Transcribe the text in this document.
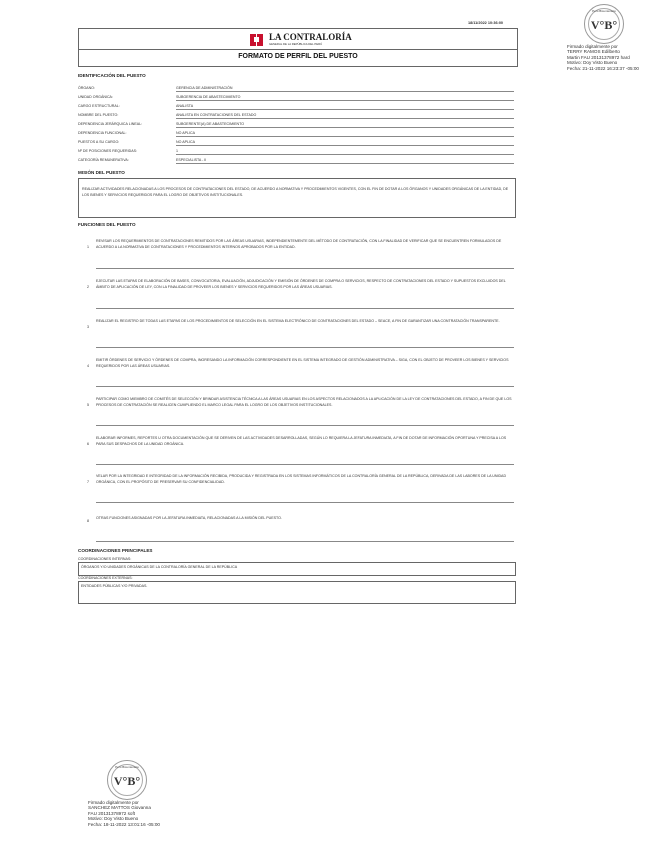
18/11/2022 10:36:00
LA CONTRALORÍA
GENERAL DE LA REPÚBLICA DEL PERÚ
FORMATO DE PERFIL DEL PUESTO
IDENTIFICACIÓN DEL PUESTO
ÓRGANO:	GERENCIA DE ADMINISTRACIÓN
UNIDAD ORGÁNICA:	SUBGERENCIA DE ABASTECIMIENTO
CARGO ESTRUCTURAL:	ANALISTA
NOMBRE DEL PUESTO:	ANALISTA EN CONTRATACIONES DEL ESTADO
DEPENDENCIA JERÁRQUICA LINEAL:	SUBGERENTE(A) DE ABASTECIMIENTO
DEPENDENCIA FUNCIONAL:	NO APLICA
PUESTOS A SU CARGO:	NO APLICA
Nº DE POSICIONES REQUERIDAS:	1
CATEGORÍA REMUNERATIVA:	ESPECIALISTA - II
MISIÓN DEL PUESTO
REALIZAR ACTIVIDADES RELACIONADAS A LOS PROCESOS DE CONTRATACIONES DEL ESTADO, DE ACUERDO A NORMATIVA Y PROCEDIMIENTOS VIGENTES, CON EL FIN DE DOTAR A LOS ÓRGANOS Y UNIDADES ORGÁNICAS DE LA ENTIDAD, DE LOS BIENES Y SERVICIOS REQUERIDOS PARA EL LOGRO DE OBJETIVOS INSTITUCIONALES.
FUNCIONES DEL PUESTO
1
REVISAR LOS REQUERIMIENTOS DE CONTRATACIONES REMITIDOS POR LAS ÁREAS USUARIAS, INDEPENDIENTEMENTE DEL MÉTODO DE CONTRATACIÓN, CON LA FINALIDAD DE VERIFICAR QUE SE ENCUENTREN FORMULADOS DE ACUERDO A LA NORMATIVA DE CONTRATACIONES Y PROCEDIMIENTOS INTERNOS APROBADOS POR LA ENTIDAD.
2
EJECUTAR LAS ETAPAS DE ELABORACIÓN DE BASES, CONVOCATORIA, EVALUACIÓN, ADJUDICACIÓN Y EMISIÓN DE ÓRDENES DE COMPRA O SERVICIOS, RESPECTO DE CONTRATACIONES DEL ESTADO Y SUPUESTOS EXCLUIDOS DEL ÁMBITO DE APLICACIÓN DE LEY, CON LA FINALIDAD DE PROVEER LOS BIENES Y SERVICIOS REQUERIDOS POR LAS ÁREAS USUARIAS.
3
REALIZAR EL REGISTRO DE TODAS LAS ETAPAS DE LOS PROCEDIMIENTOS DE SELECCIÓN EN EL SISTEMA ELECTRÓNICO DE CONTRATACIONES DEL ESTADO – SEACE, A FIN DE GARANTIZAR UNA CONTRATACIÓN TRANSPARENTE.
4
EMITIR ÓRDENES DE SERVICIO Y ÓRDENES DE COMPRA, INGRESANDO LA INFORMACIÓN CORRESPONDIENTE EN EL SISTEMA INTEGRADO DE GESTIÓN ADMINISTRATIVA – SIGA, CON EL OBJETO DE PROVEER LOS BIENES Y SERVICIOS REQUERIDOS POR LAS ÁREAS USUARIAS.
5
PARTICIPAR COMO MIEMBRO DE COMITÉS DE SELECCIÓN Y BRINDAR ASISTENCIA TÉCNICA A LAS ÁREAS USUARIAS EN LOS ASPECTOS RELACIONADOS A LA APLICACIÓN DE LA LEY DE CONTRATACIONES DEL ESTADO, A FIN DE QUE LOS PROCESOS DE CONTRATACIÓN SE REALICEN CUMPLIENDO EL MARCO LEGAL PARA EL LOGRO DE LOS OBJETIVOS INSTITUCIONALES.
6
ELABORAR INFORMES, REPORTES U OTRA DOCUMENTACIÓN QUE SE DERIVEN DE LAS ACTIVIDADES DESARROLLADAS, SEGÚN LO REQUIERA LA JEFATURA INMEDIATA, A FIN DE DOTAR DE INFORMACIÓN OPORTUNA Y PRECISA A LOS PARA SUS DESPACHOS DE LA UNIDAD ORGÁNICA.
7
VELAR POR LA INTEGRIDAD E INTEGRIDAD DE LA INFORMACIÓN RECIBIDA, PRODUCIDA Y REGISTRADA EN LOS SISTEMAS INFORMÁTICOS DE LA CONTRALORÍA GENERAL DE LA REPÚBLICA, DERIVADA DE LAS LABORES DE LA UNIDAD ORGÁNICA, CON EL PROPÓSITO DE PRESERVAR SU CONFIDENCIALIDAD.
8
OTRAS FUNCIONES ASIGNADAS POR LA JEFATURA INMEDIATA, RELACIONADAS A LA MISIÓN DEL PUESTO.
COORDINACIONES PRINCIPALES
COORDINACIONES INTERNAS:
ÓRGANOS Y/O UNIDADES ORGÁNICAS DE LA CONTRALORÍA GENERAL DE LA REPÚBLICA
COORDINACIONES EXTERNAS:
ENTIDADES PÚBLICAS Y/O PRIVADAS.
Perú Bicentenario
V°B°
Firmado digitalmente por
TERRY RAMOS Edilberto
Martin FAU 20131378972 hard
Motivo: Doy Visto Bueno
Fecha: 21-11-2022 16:23:37 -05:00
Perú Bicentenario
V°B°
Firmado digitalmente por
SANCHEZ MATTOS Giovanna
FAU 20131378972 soft
Motivo: Doy Visto Bueno
Fecha: 18-11-2022 13:01:16 -05:00
